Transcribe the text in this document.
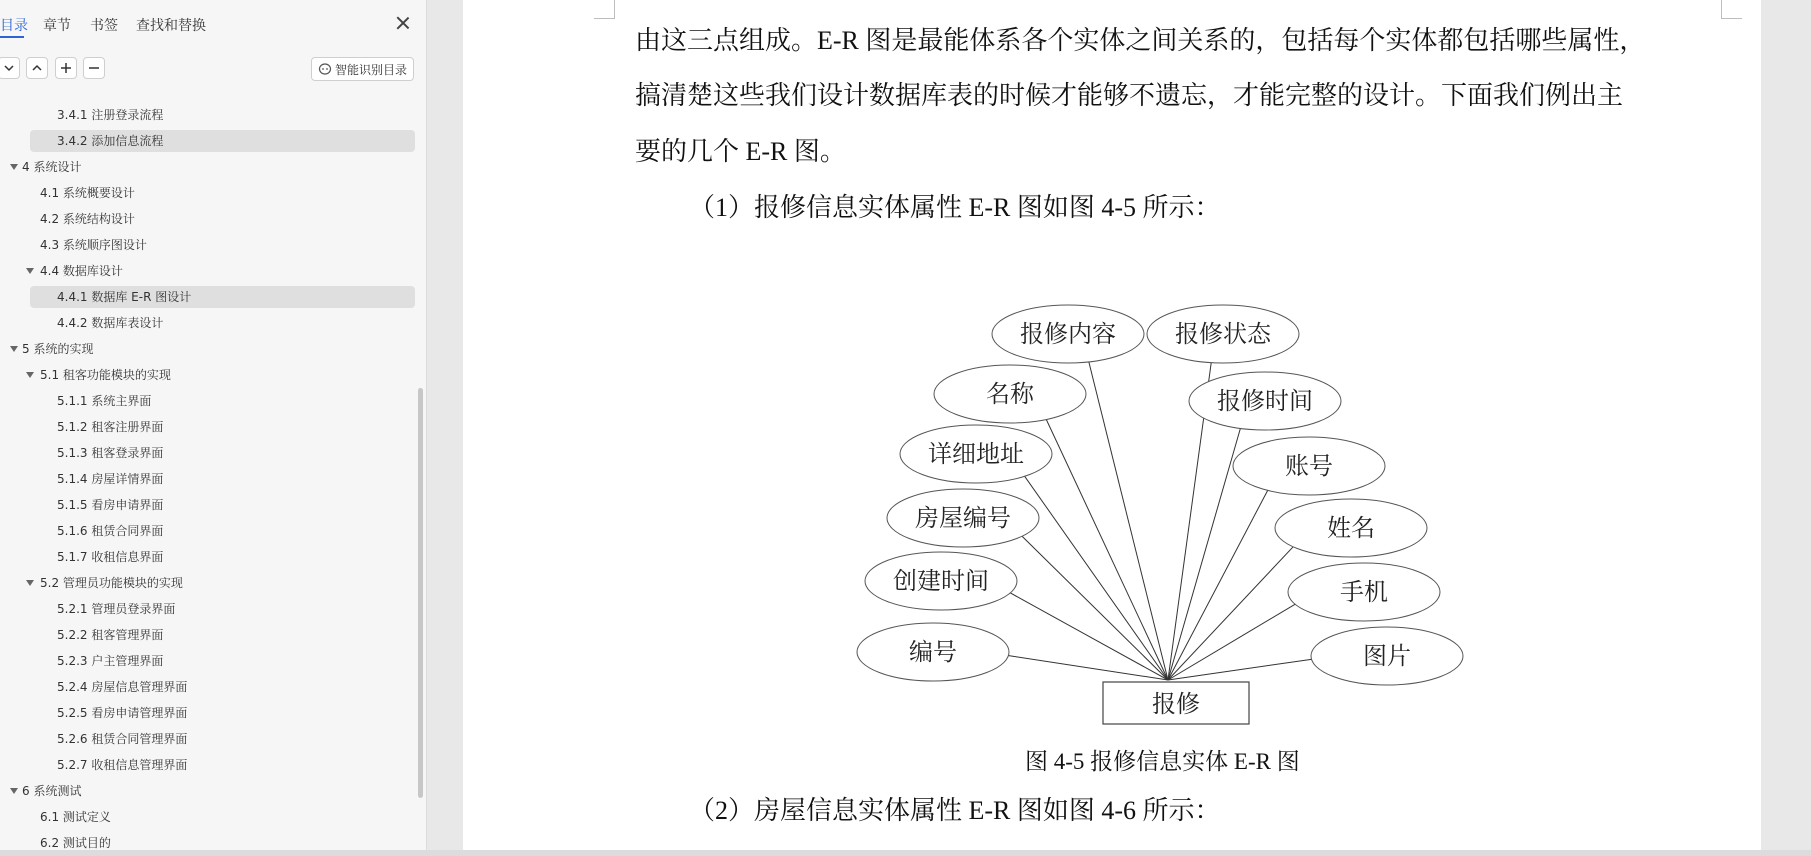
目录 章节 书签 查找和替换
智能识别目录
3.4.1 注册登录流程
3.4.2 添加信息流程
4 系统设计
4.1 系统概要设计
4.2 系统结构设计
4.3 系统顺序图设计
4.4 数据库设计
4.4.1 数据库 E-R 图设计
4.4.2 数据库表设计
5 系统的实现
5.1 租客功能模块的实现
5.1.1 系统主界面
5.1.2 租客注册界面
5.1.3 租客登录界面
5.1.4 房屋详情界面
5.1.5 看房申请界面
5.1.6 租赁合同界面
5.1.7 收租信息界面
5.2 管理员功能模块的实现
5.2.1 管理员登录界面
5.2.2 租客管理界面
5.2.3 户主管理界面
5.2.4 房屋信息管理界面
5.2.5 看房申请管理界面
5.2.6 租赁合同管理界面
5.2.7 收租信息管理界面
6 系统测试
6.1 测试定义
6.2 测试目的
由这三点组成。E-R 图是最能体系各个实体之间关系的，包括每个实体都包括哪些属性，
搞清楚这些我们设计数据库表的时候才能够不遗忘，才能完整的设计。下面我们例出主
要的几个 E-R 图。
（1）报修信息实体属性 E-R 图如图 4-5 所示：
报修内容 报修状态
名称	报修时间
详细地址	账号
房屋编号	姓名
创建时间	手机
编号	图片
报修
图 4-5 报修信息实体 E-R 图
（2）房屋信息实体属性 E-R 图如图 4-6 所示：
